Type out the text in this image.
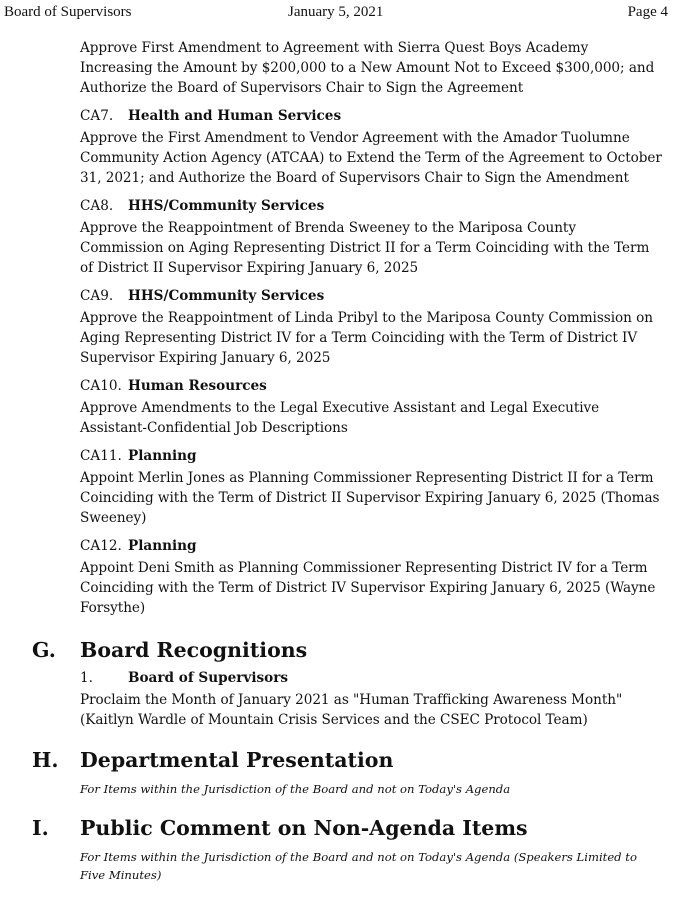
Board of Supervisors	January 5, 2021	Page 4

Approve First Amendment to Agreement with Sierra Quest Boys Academy Increasing the Amount by $200,000 to a New Amount Not to Exceed $300,000; and Authorize the Board of Supervisors Chair to Sign the Agreement

CA7. Health and Human Services

Approve the First Amendment to Vendor Agreement with the Amador Tuolumne Community Action Agency (ATCAA) to Extend the Term of the Agreement to October 31, 2021; and Authorize the Board of Supervisors Chair to Sign the Amendment

CA8. HHS/Community Services

Approve the Reappointment of Brenda Sweeney to the Mariposa County Commission on Aging Representing District II for a Term Coinciding with the Term of District II Supervisor Expiring January 6, 2025

CA9. HHS/Community Services

Approve the Reappointment of Linda Pribyl to the Mariposa County Commission on Aging Representing District IV for a Term Coinciding with the Term of District IV Supervisor Expiring January 6, 2025

CA10. Human Resources

Approve Amendments to the Legal Executive Assistant and Legal Executive Assistant-Confidential Job Descriptions

CA11. Planning

Appoint Merlin Jones as Planning Commissioner Representing District II for a Term Coinciding with the Term of District II Supervisor Expiring January 6, 2025 (Thomas Sweeney)

CA12. Planning

Appoint Deni Smith as Planning Commissioner Representing District IV for a Term Coinciding with the Term of District IV Supervisor Expiring January 6, 2025 (Wayne Forsythe)

G. Board Recognitions
1.	Board of Supervisors

Proclaim the Month of January 2021 as "Human Trafficking Awareness Month" (Kaitlyn Wardle of Mountain Crisis Services and the CSEC Protocol Team)

H. Departmental Presentation
For Items within the Jurisdiction of the Board and not on Today's Agenda
I. Public Comment on Non-Agenda Items
For Items within the Jurisdiction of the Board and not on Today's Agenda (Speakers Limited to Five Minutes)
